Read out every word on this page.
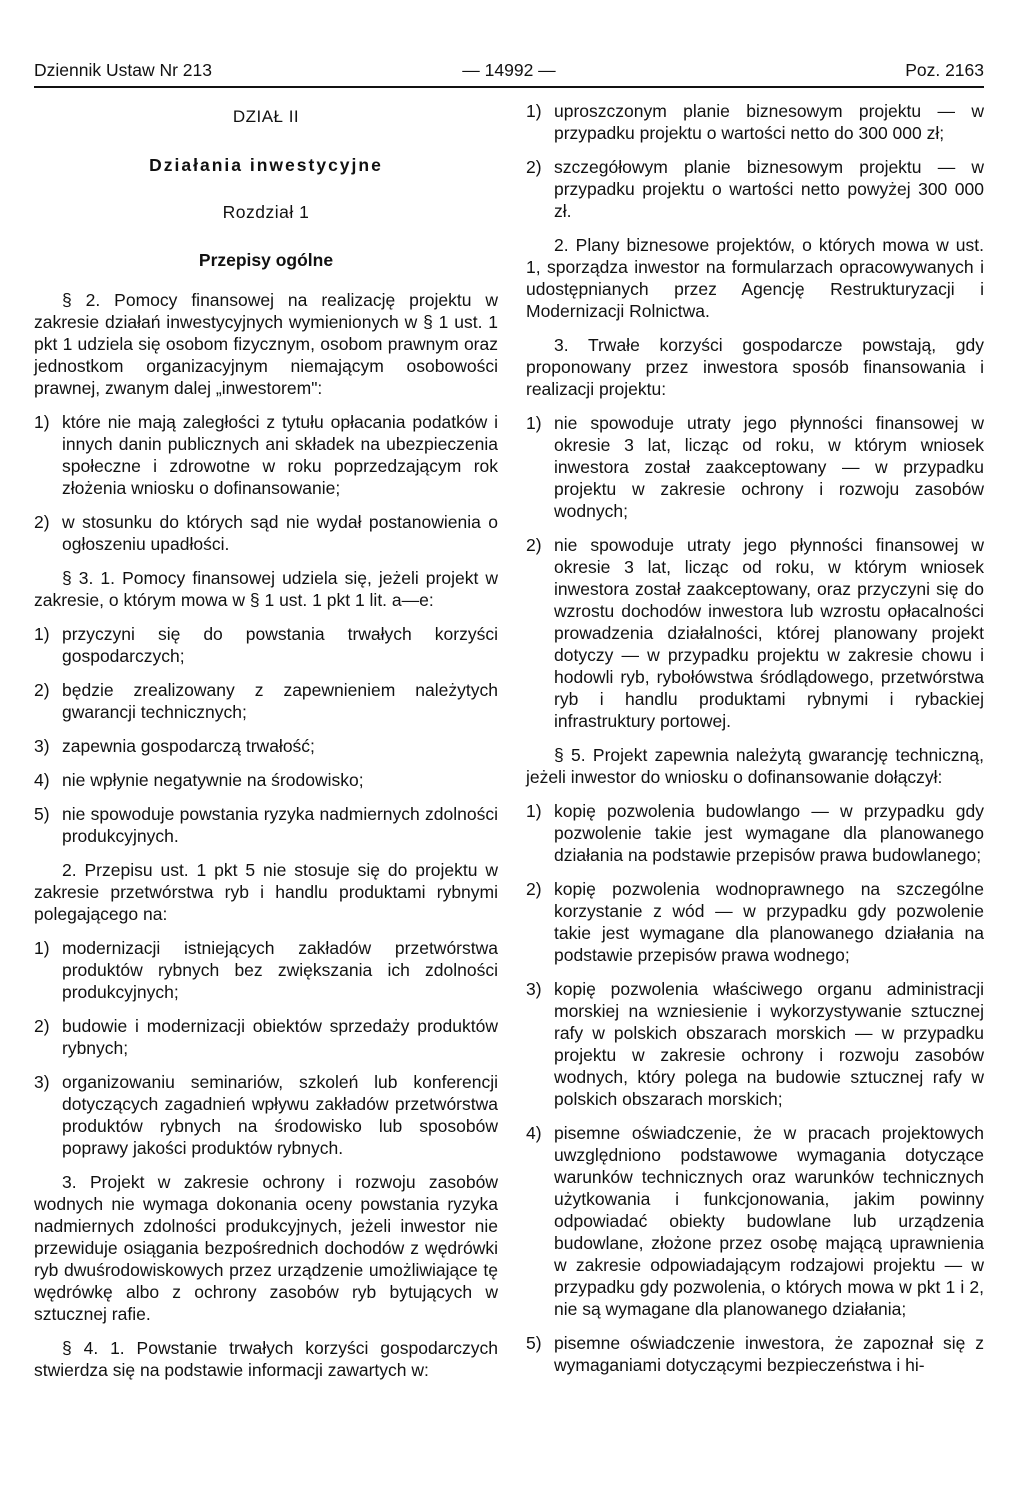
Dziennik Ustaw Nr 213	— 14992 —	Poz. 2163
DZIAŁ II
Działania inwestycyjne
Rozdział 1
Przepisy ogólne

§ 2. Pomocy finansowej na realizację projektu w zakresie działań inwestycyjnych wymienionych w § 1 ust. 1 pkt 1 udziela się osobom fizycznym, osobom prawnym oraz jednostkom organizacyjnym niemającym osobowości prawnej, zwanym dalej „inwestorem":

1) które nie mają zaległości z tytułu opłacania podatków i innych danin publicznych ani składek na ubezpieczenia społeczne i zdrowotne w roku poprzedzającym rok złożenia wniosku o dofinansowanie;
2) w stosunku do których sąd nie wydał postanowienia o ogłoszeniu upadłości.

§ 3. 1. Pomocy finansowej udziela się, jeżeli projekt w zakresie, o którym mowa w § 1 ust. 1 pkt 1 lit. a—e:

1) przyczyni się do powstania trwałych korzyści gospodarczych;
2) będzie zrealizowany z zapewnieniem należytych gwarancji technicznych;
3) zapewnia gospodarczą trwałość;
4) nie wpłynie negatywnie na środowisko;
5) nie spowoduje powstania ryzyka nadmiernych zdolności produkcyjnych.

2. Przepisu ust. 1 pkt 5 nie stosuje się do projektu w zakresie przetwórstwa ryb i handlu produktami rybnymi polegającego na:

1) modernizacji istniejących zakładów przetwórstwa produktów rybnych bez zwiększania ich zdolności produkcyjnych;
2) budowie i modernizacji obiektów sprzedaży produktów rybnych;
3) organizowaniu seminariów, szkoleń lub konferencji dotyczących zagadnień wpływu zakładów przetwórstwa produktów rybnych na środowisko lub sposobów poprawy jakości produktów rybnych.

3. Projekt w zakresie ochrony i rozwoju zasobów wodnych nie wymaga dokonania oceny powstania ryzyka nadmiernych zdolności produkcyjnych, jeżeli inwestor nie przewiduje osiągania bezpośrednich dochodów z wędrówki ryb dwuśrodowiskowych przez urządzenie umożliwiające tę wędrówkę albo z ochrony zasobów ryb bytujących w sztucznej rafie.

§ 4. 1. Powstanie trwałych korzyści gospodarczych stwierdza się na podstawie informacji zawartych w:

1) uproszczonym planie biznesowym projektu — w przypadku projektu o wartości netto do 300 000 zł;
2) szczegółowym planie biznesowym projektu — w przypadku projektu o wartości netto powyżej 300 000 zł.

2. Plany biznesowe projektów, o których mowa w ust. 1, sporządza inwestor na formularzach opracowywanych i udostępnianych przez Agencję Restrukturyzacji i Modernizacji Rolnictwa.

3. Trwałe korzyści gospodarcze powstają, gdy proponowany przez inwestora sposób finansowania i realizacji projektu:

1) nie spowoduje utraty jego płynności finansowej w okresie 3 lat, licząc od roku, w którym wniosek inwestora został zaakceptowany — w przypadku projektu w zakresie ochrony i rozwoju zasobów wodnych;
2) nie spowoduje utraty jego płynności finansowej w okresie 3 lat, licząc od roku, w którym wniosek inwestora został zaakceptowany, oraz przyczyni się do wzrostu dochodów inwestora lub wzrostu opłacalności prowadzenia działalności, której planowany projekt dotyczy — w przypadku projektu w zakresie chowu i hodowli ryb, rybołówstwa śródlądowego, przetwórstwa ryb i handlu produktami rybnymi i rybackiej infrastruktury portowej.

§ 5. Projekt zapewnia należytą gwarancję techniczną, jeżeli inwestor do wniosku o dofinansowanie dołączył:

1) kopię pozwolenia budowlango — w przypadku gdy pozwolenie takie jest wymagane dla planowanego działania na podstawie przepisów prawa budowlanego;
2) kopię pozwolenia wodnoprawnego na szczególne korzystanie z wód — w przypadku gdy pozwolenie takie jest wymagane dla planowanego działania na podstawie przepisów prawa wodnego;
3) kopię pozwolenia właściwego organu administracji morskiej na wzniesienie i wykorzystywanie sztucznej rafy w polskich obszarach morskich — w przypadku projektu w zakresie ochrony i rozwoju zasobów wodnych, który polega na budowie sztucznej rafy w polskich obszarach morskich;
4) pisemne oświadczenie, że w pracach projektowych uwzględniono podstawowe wymagania dotyczące warunków technicznych oraz warunków technicznych użytkowania i funkcjonowania, jakim powinny odpowiadać obiekty budowlane lub urządzenia budowlane, złożone przez osobę mającą uprawnienia w zakresie odpowiadającym rodzajowi projektu — w przypadku gdy pozwolenia, o których mowa w pkt 1 i 2, nie są wymagane dla planowanego działania;
5) pisemne oświadczenie inwestora, że zapoznał się z wymaganiami dotyczącymi bezpieczeństwa i hi-
